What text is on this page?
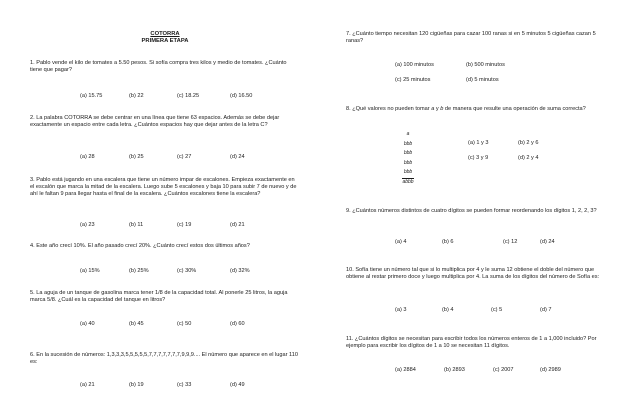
COTORRA
PRIMERA ETAPA
1. Pablo vende el kilo de tomates a 5.50 pesos. Si sofía compra tres kilos y medio de tomates. ¿Cuánto tiene que pagar?
(a) 15.75	(b) 22	(c) 18.25	(d) 16.50
2. La palabra COTORRA se debe centrar en una línea que tiene 63 espacios. Además se debe dejar exactamente un espacio entre cada letra. ¿Cuántos espacios hay que dejar antes de la letra C?
(a) 28	(b) 25	(c) 27	(d) 24
3. Pablo está jugando en una escalera que tiene un número impar de escalones. Empieza exactamente en el escalón que marca la mitad de la escalera. Luego sube 5 escalones y baja 10 para subir 7 de nuevo y de ahí le faltan 9 para llegar hasta el final de la escalera. ¿Cuántos escalones tiene la escalera?
(a) 23	(b) 11	(c) 19	(d) 21
4. Este año crecí 10%. El año pasado crecí 20%. ¿Cuánto crecí estos dos últimos años?
(a) 15%	(b) 25%	(c) 30%	(d) 32%
5. La aguja de un tanque de gasolina marca tener 1/8 de la capacidad total. Al ponerle 25 litros, la aguja marca 5/8. ¿Cuál es la capacidad del tanque en litros?
(a) 40	(b) 45	(c) 50	(d) 60
6. En la sucesión de números: 1,3,3,3,5,5,5,5,5,7,7,7,7,7,7,7,9,9,9.... El número que aparece en el lugar 110 es:
(a) 21	(b) 19	(c) 33	(d) 49
7. ¿Cuánto tiempo necesitan 120 cigüeñas para cazar 100 ranas si en 5 minutos 5 cigüeñas cazan 5 ranas?
(a) 100 minutos	(b) 500 minutos
(c) 25 minutos	(d) 5 minutos
8. ¿Qué valores no pueden tomar a y b de manera que resulte una operación de suma correcta?
a
bbb
bbb
bbb
bbb
abbb
(a) 1 y 3	(b) 2 y 6
(c) 3 y 9	(d) 2 y 4
9. ¿Cuántos números distintos de cuatro dígitos se pueden formar reordenando los dígitos 1, 2, 2, 3?
(a) 4	(b) 6	(c) 12	(d) 24
10. Sofía tiene un número tal que si lo multiplica por 4 y le suma 12 obtiene el doble del número que obtiene al restar primero doce y luego multiplica por 4. La suma de los dígitos del número de Sofía es:
(a) 3	(b) 4	(c) 5	(d) 7
11. ¿Cuántos dígitos se necesitan para escribir todos los números enteros de 1 a 1,000 incluido? Por ejemplo para escribir los dígitos de 1 a 10 se necesitan 11 dígitos.
(a) 2884	(b) 2893	(c) 2007	(d) 2989
